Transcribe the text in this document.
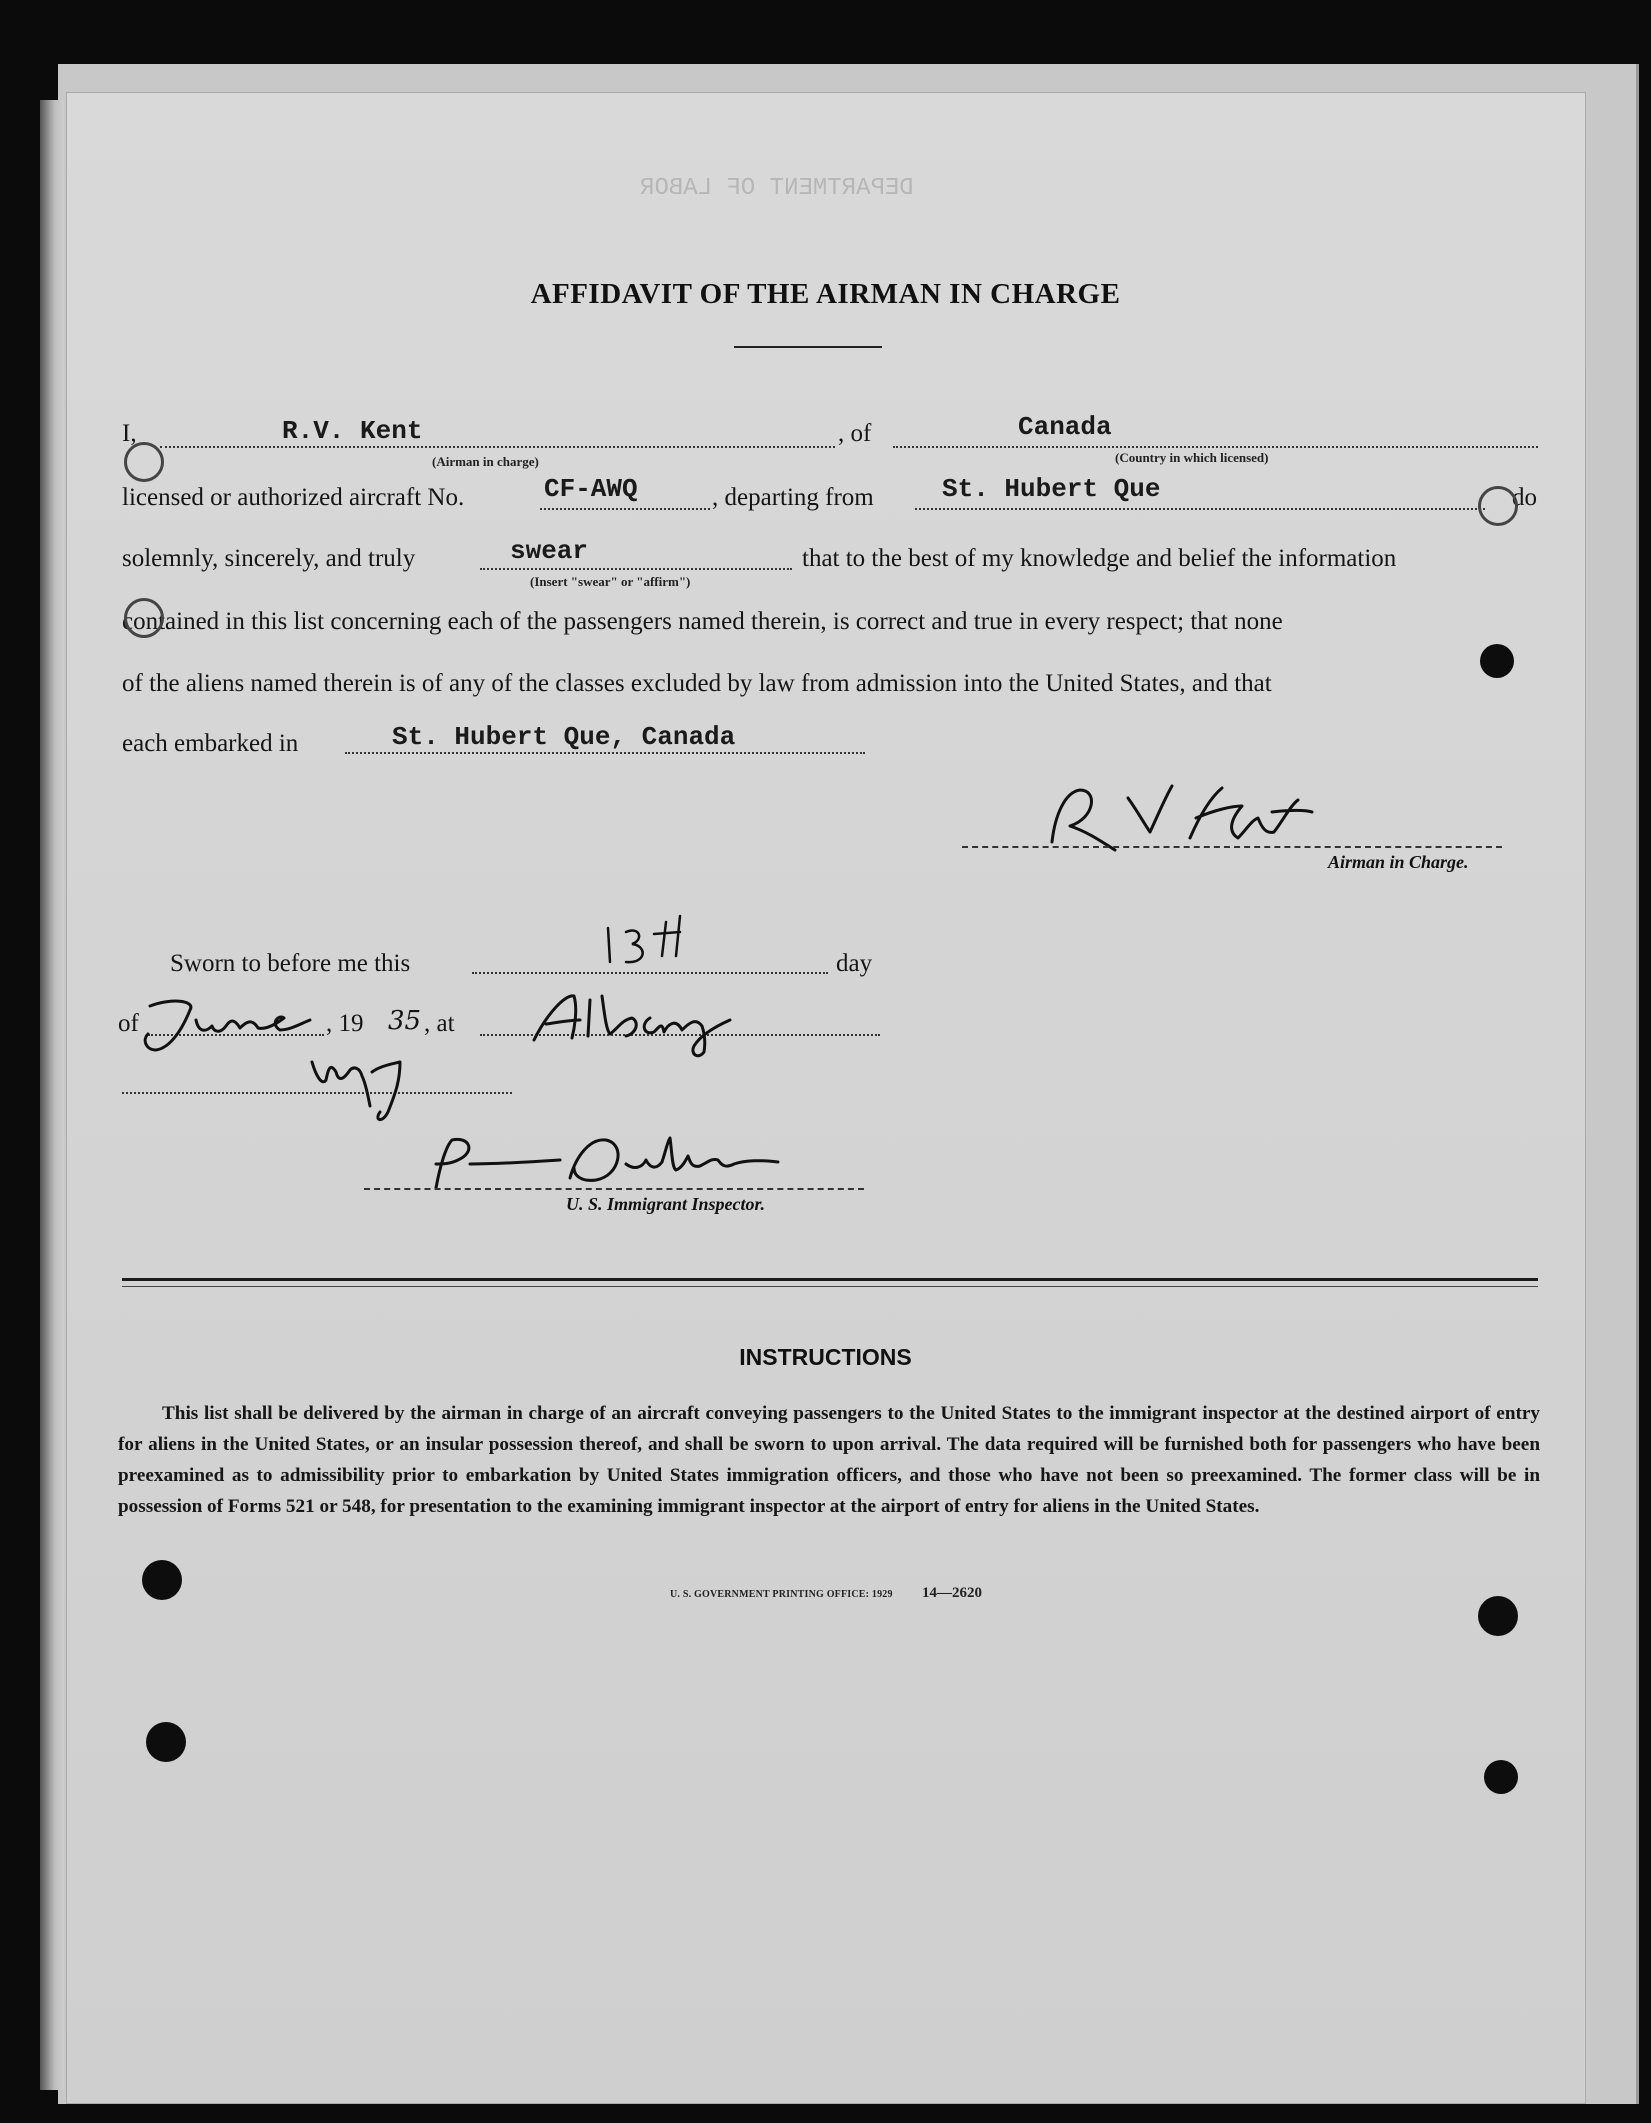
DEPARTMENT OF LABOR
AFFIDAVIT OF THE AIRMAN IN CHARGE
I,	R.V. Kent
(Airman in charge)
, of	Canada
(Country in which licensed)
licensed or authorized aircraft No.	CF-AWQ	, departing from	St. Hubert Que	do
solemnly, sincerely, and truly	swear
(Insert "swear" or "affirm")
that to the best of my knowledge and belief the information
contained in this list concerning each of the passengers named therein, is correct and true in every respect; that none
of the aliens named therein is of any of the classes excluded by law from admission into the United States, and that
each embarked in	St. Hubert Que, Canada
Airman in Charge.
Sworn to before me this	day
of	, 19 35 , at
U. S. Immigrant Inspector.
INSTRUCTIONS
This list shall be delivered by the airman in charge of an aircraft conveying passengers to the United States to the immigrant inspector at the destined airport of entry for aliens in the United States, or an insular possession thereof, and shall be sworn to upon arrival. The data required will be furnished both for passengers who have been preexamined as to admissibility prior to embarkation by United States immigration officers, and those who have not been so preexamined. The former class will be in possession of Forms 521 or 548, for presentation to the examining immigrant inspector at the airport of entry for aliens in the United States.
U. S. GOVERNMENT PRINTING OFFICE: 1929 14—2620
